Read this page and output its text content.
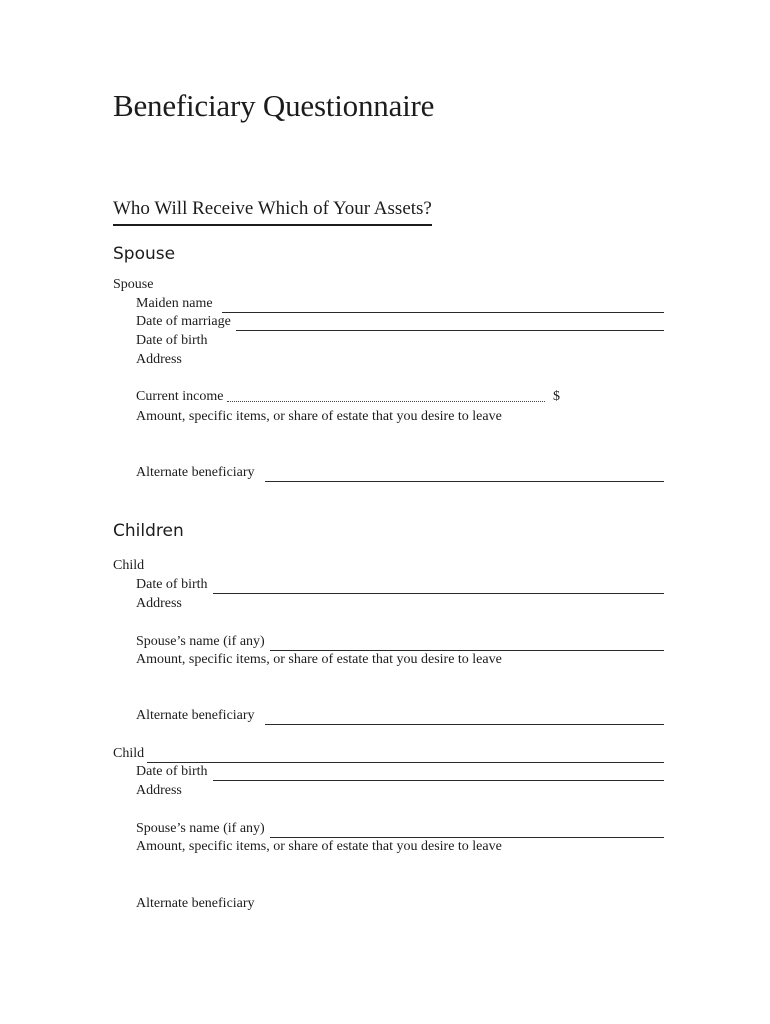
Beneficiary Questionnaire
Who Will Receive Which of Your Assets?
Spouse
Spouse
Maiden name
Date of marriage
Date of birth
Address
Current income	$
Amount, specific items, or share of estate that you desire to leave
Alternate beneficiary
Children
Child
Date of birth
Address
Spouse’s name (if any)
Amount, specific items, or share of estate that you desire to leave
Alternate beneficiary
Child
Date of birth
Address
Spouse’s name (if any)
Amount, specific items, or share of estate that you desire to leave
Alternate beneficiary
